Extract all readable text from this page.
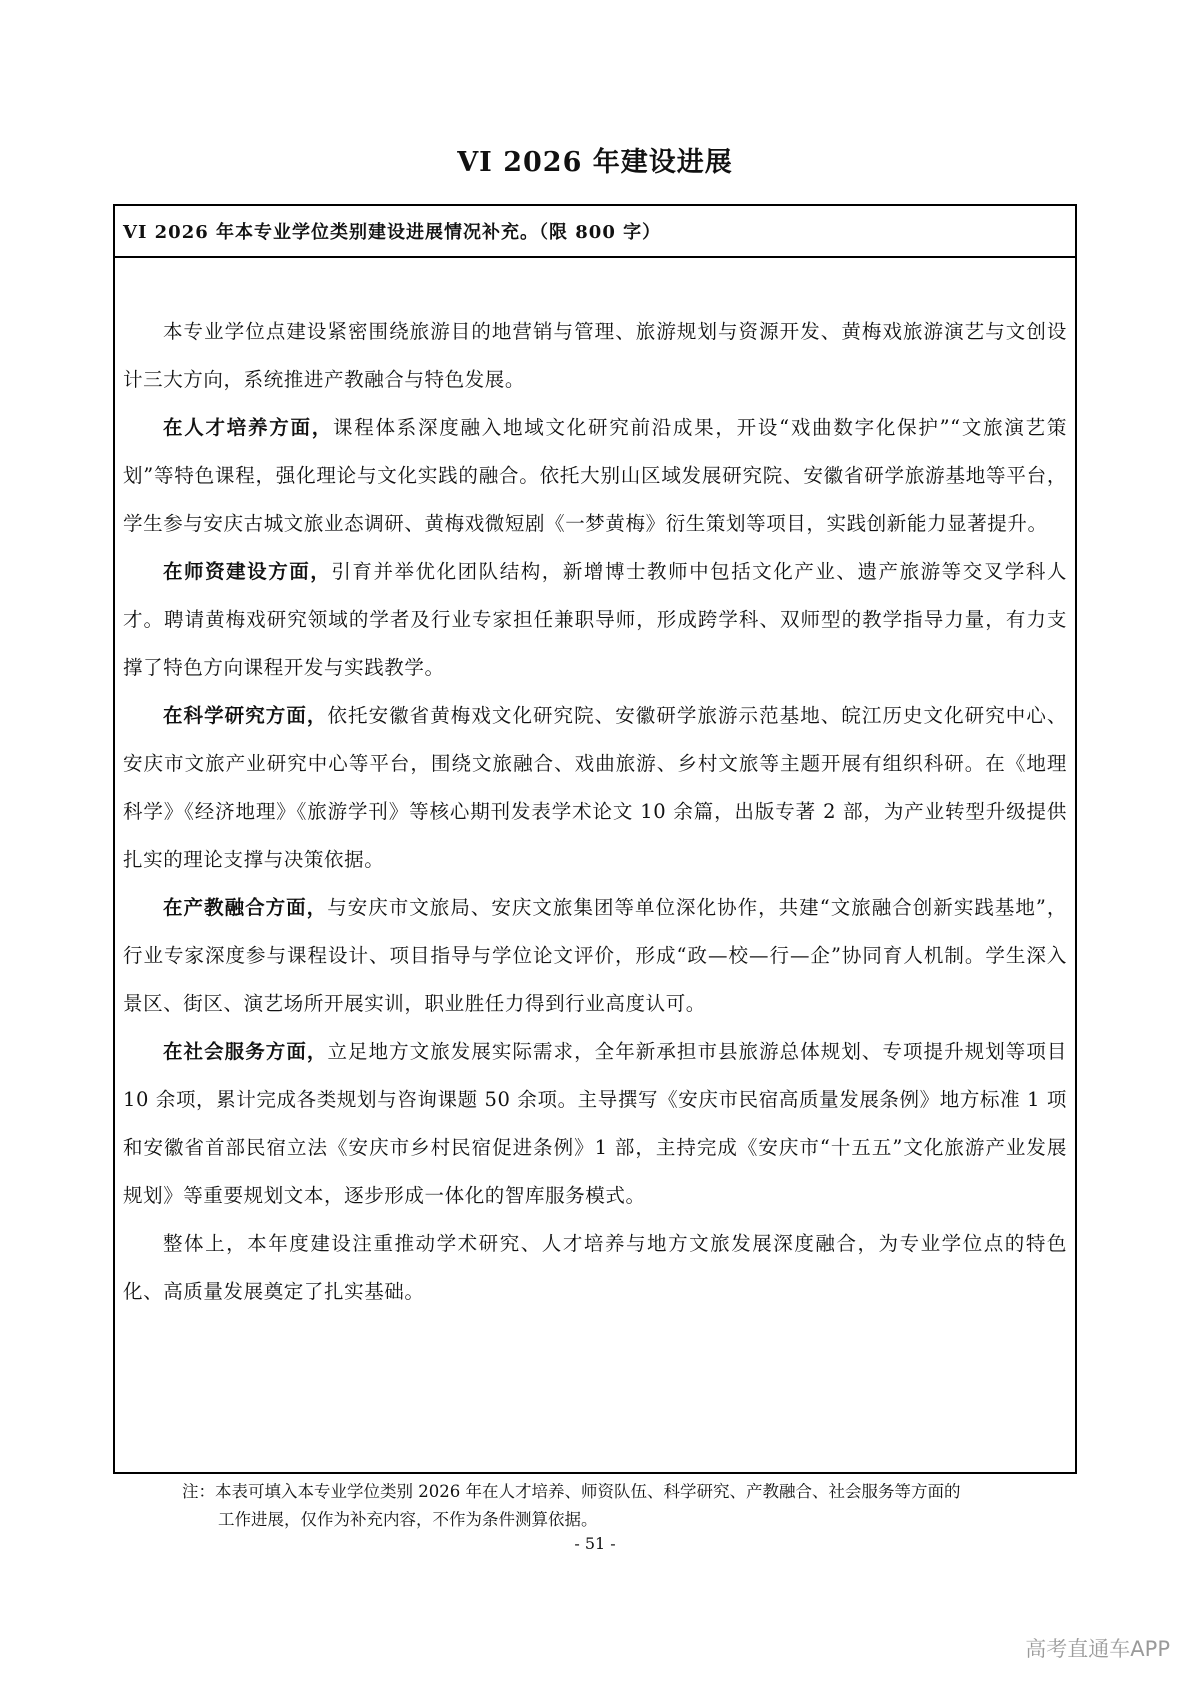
VI 2026 年建设进展
VI 2026 年本专业学位类别建设进展情况补充。（限 800 字）

本专业学位点建设紧密围绕旅游目的地营销与管理、旅游规划与资源开发、黄梅戏旅游演艺与文创设计三大方向，系统推进产教融合与特色发展。

在人才培养方面，课程体系深度融入地域文化研究前沿成果，开设“戏曲数字化保护”“文旅演艺策划”等特色课程，强化理论与文化实践的融合。依托大别山区域发展研究院、安徽省研学旅游基地等平台，学生参与安庆古城文旅业态调研、黄梅戏微短剧《一梦黄梅》衍生策划等项目，实践创新能力显著提升。

在师资建设方面，引育并举优化团队结构，新增博士教师中包括文化产业、遗产旅游等交叉学科人才。聘请黄梅戏研究领域的学者及行业专家担任兼职导师，形成跨学科、双师型的教学指导力量，有力支撑了特色方向课程开发与实践教学。

在科学研究方面，依托安徽省黄梅戏文化研究院、安徽研学旅游示范基地、皖江历史文化研究中心、安庆市文旅产业研究中心等平台，围绕文旅融合、戏曲旅游、乡村文旅等主题开展有组织科研。在《地理科学》《经济地理》《旅游学刊》等核心期刊发表学术论文 10 余篇，出版专著 2 部，为产业转型升级提供扎实的理论支撑与决策依据。

在产教融合方面，与安庆市文旅局、安庆文旅集团等单位深化协作，共建“文旅融合创新实践基地”，行业专家深度参与课程设计、项目指导与学位论文评价，形成“政—校—行—企”协同育人机制。学生深入景区、街区、演艺场所开展实训，职业胜任力得到行业高度认可。

在社会服务方面，立足地方文旅发展实际需求，全年新承担市县旅游总体规划、专项提升规划等项目 10 余项，累计完成各类规划与咨询课题 50 余项。主导撰写《安庆市民宿高质量发展条例》地方标准 1 项和安徽省首部民宿立法《安庆市乡村民宿促进条例》1 部，主持完成《安庆市“十五五”文化旅游产业发展规划》等重要规划文本，逐步形成一体化的智库服务模式。

整体上，本年度建设注重推动学术研究、人才培养与地方文旅发展深度融合，为专业学位点的特色化、高质量发展奠定了扎实基础。

注：本表可填入本专业学位类别 2026 年在人才培养、师资队伍、科学研究、产教融合、社会服务等方面的
工作进展，仅作为补充内容，不作为条件测算依据。
- 51 -
高考直通车APP
